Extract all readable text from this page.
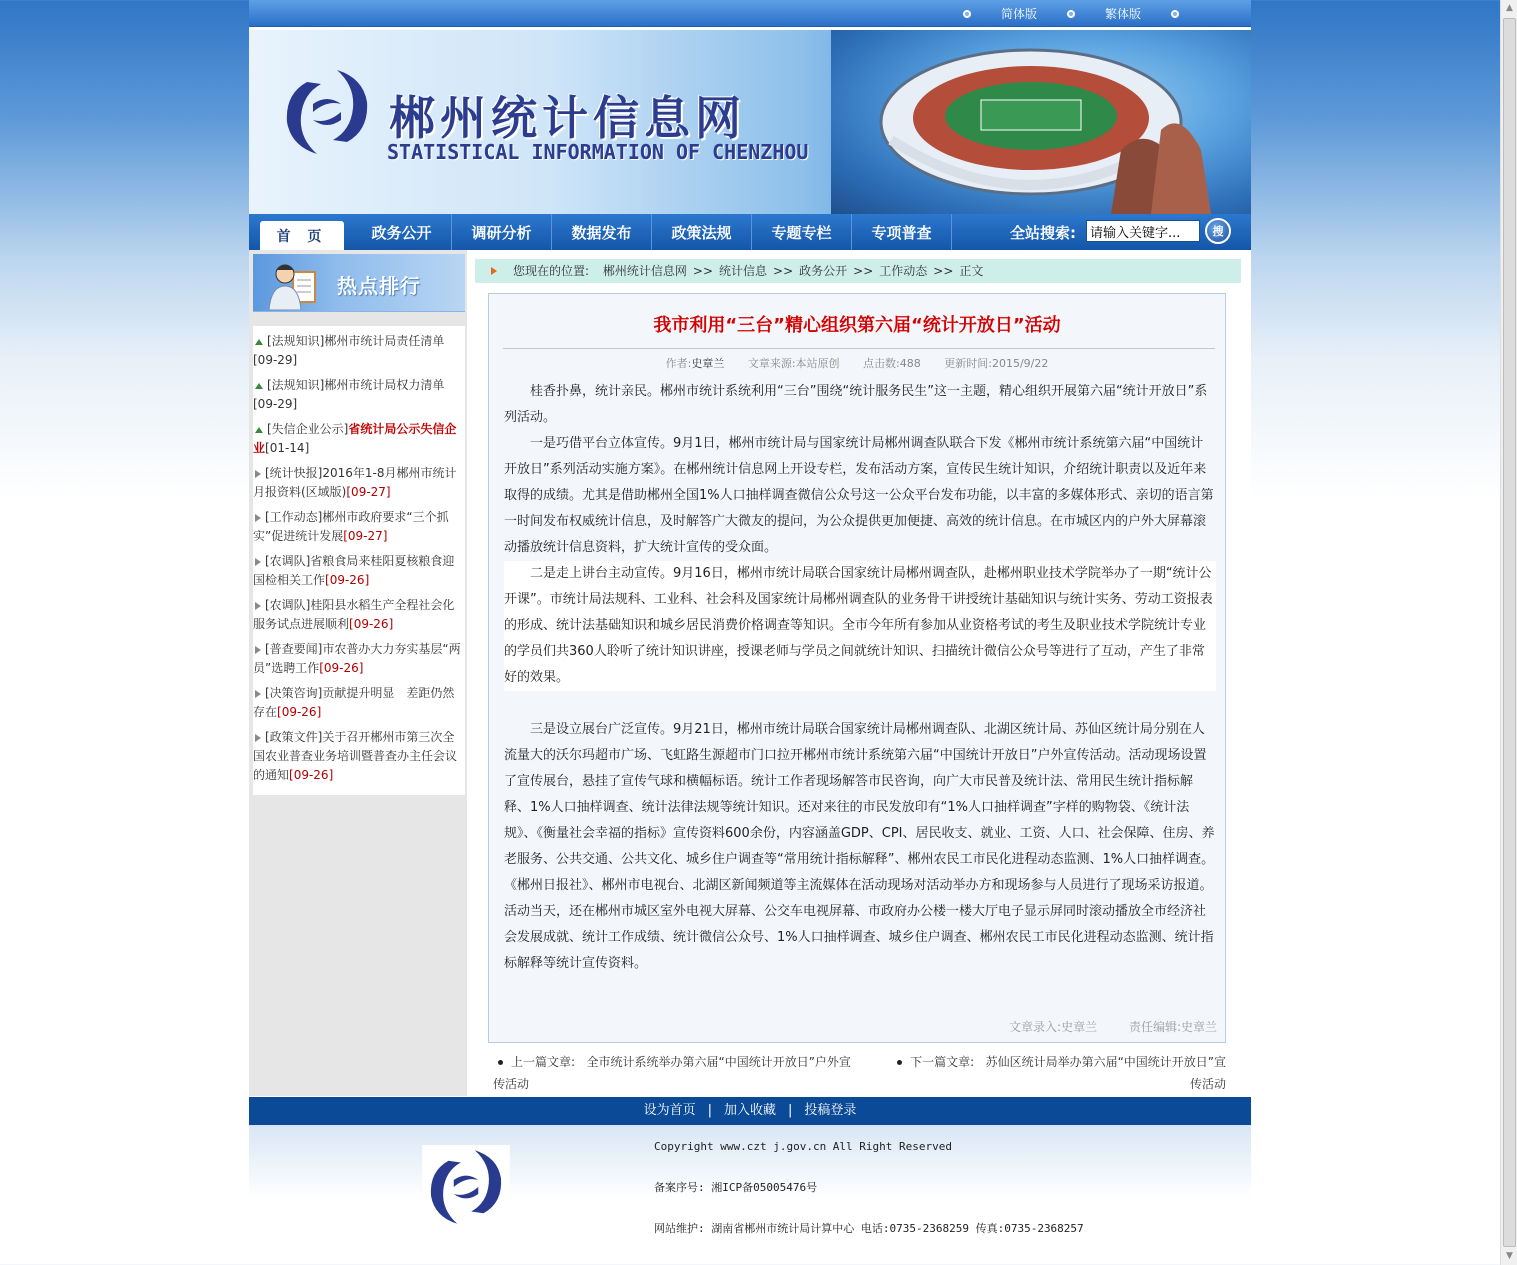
▲
▼
简体版	繁体版
郴州统计信息网
STATISTICAL INFORMATION OF CHENZHOU
首 页	政务公开	调研分析	数据发布	政策法规	专题专栏	专项普查	全站搜索:
请输入关键字...	搜
热点排行
[法规知识]郴州市统计局责任清单[09-29]
[法规知识]郴州市统计局权力清单[09-29]
[失信企业公示]省统计局公示失信企业[01-14]
[统计快报]2016年1-8月郴州市统计月报资料(区域版)[09-27]
[工作动态]郴州市政府要求“三个抓实”促进统计发展[09-27]
[农调队]省粮食局来桂阳夏核粮食迎国检相关工作[09-26]
[农调队]桂阳县水稻生产全程社会化服务试点进展顺利[09-26]
[普查要闻]市农普办大力夯实基层“两员”选聘工作[09-26]
[决策咨询]贡献提升明显　差距仍然存在[09-26]
[政策文件]关于召开郴州市第三次全国农业普查业务培训暨普查办主任会议的通知[09-26]
您现在的位置: 郴州统计信息网 >> 统计信息 >> 政务公开 >> 工作动态 >> 正文
我市利用“三台”精心组织第六届“统计开放日”活动
作者:史章兰 文章来源:本站原创 点击数:488 更新时间:2015/9/22

桂香扑鼻，统计亲民。郴州市统计系统利用“三台”围绕“统计服务民生”这一主题，精心组织开展第六届“统计开放日”系列活动。

一是巧借平台立体宣传。9月1日，郴州市统计局与国家统计局郴州调查队联合下发《郴州市统计系统第六届“中国统计开放日”系列活动实施方案》。在郴州统计信息网上开设专栏，发布活动方案，宣传民生统计知识，介绍统计职责以及近年来取得的成绩。尤其是借助郴州全国1%人口抽样调查微信公众号这一公众平台发布功能，以丰富的多媒体形式、亲切的语言第一时间发布权威统计信息，及时解答广大微友的提问，为公众提供更加便捷、高效的统计信息。在市城区内的户外大屏幕滚动播放统计信息资料，扩大统计宣传的受众面。

二是走上讲台主动宣传。9月16日，郴州市统计局联合国家统计局郴州调查队，赴郴州职业技术学院举办了一期“统计公开课”。市统计局法规科、工业科、社会科及国家统计局郴州调查队的业务骨干讲授统计基础知识与统计实务、劳动工资报表的形成、统计法基础知识和城乡居民消费价格调查等知识。全市今年所有参加从业资格考试的考生及职业技术学院统计专业的学员们共360人聆听了统计知识讲座，授课老师与学员之间就统计知识、扫描统计微信公众号等进行了互动，产生了非常好的效果。

三是设立展台广泛宣传。9月21日，郴州市统计局联合国家统计局郴州调查队、北湖区统计局、苏仙区统计局分别在人流量大的沃尔玛超市广场、飞虹路生源超市门口拉开郴州市统计系统第六届“中国统计开放日”户外宣传活动。活动现场设置了宣传展台，悬挂了宣传气球和横幅标语。统计工作者现场解答市民咨询，向广大市民普及统计法、常用民生统计指标解释、1%人口抽样调查、统计法律法规等统计知识。还对来往的市民发放印有“1%人口抽样调查”字样的购物袋、《统计法规》、《衡量社会幸福的指标》宣传资料600余份，内容涵盖GDP、CPI、居民收支、就业、工资、人口、社会保障、住房、养老服务、公共交通、公共文化、城乡住户调查等“常用统计指标解释”、郴州农民工市民化进程动态监测、1%人口抽样调查。《郴州日报社》、郴州市电视台、北湖区新闻频道等主流媒体在活动现场对活动举办方和现场参与人员进行了现场采访报道。活动当天，还在郴州市城区室外电视大屏幕、公交车电视屏幕、市政府办公楼一楼大厅电子显示屏同时滚动播放全市经济社会发展成就、统计工作成绩、统计微信公众号、1%人口抽样调查、城乡住户调查、郴州农民工市民化进程动态监测、统计指标解释等统计宣传资料。

文章录入:史章兰	责任编辑:史章兰
上一篇文章: 全市统计系统举办第六届“中国统计开放日”户外宣	下一篇文章: 苏仙区统计局举办第六届“中国统计开放日”宣
传活动	传活动
设为首页 | 加入收藏 | 投稿登录
Copyright www.czt j.gov.cn All Right Reserved
备案序号: 湘ICP备05005476号
网站维护: 湖南省郴州市统计局计算中心 电话:0735-2368259 传真:0735-2368257
